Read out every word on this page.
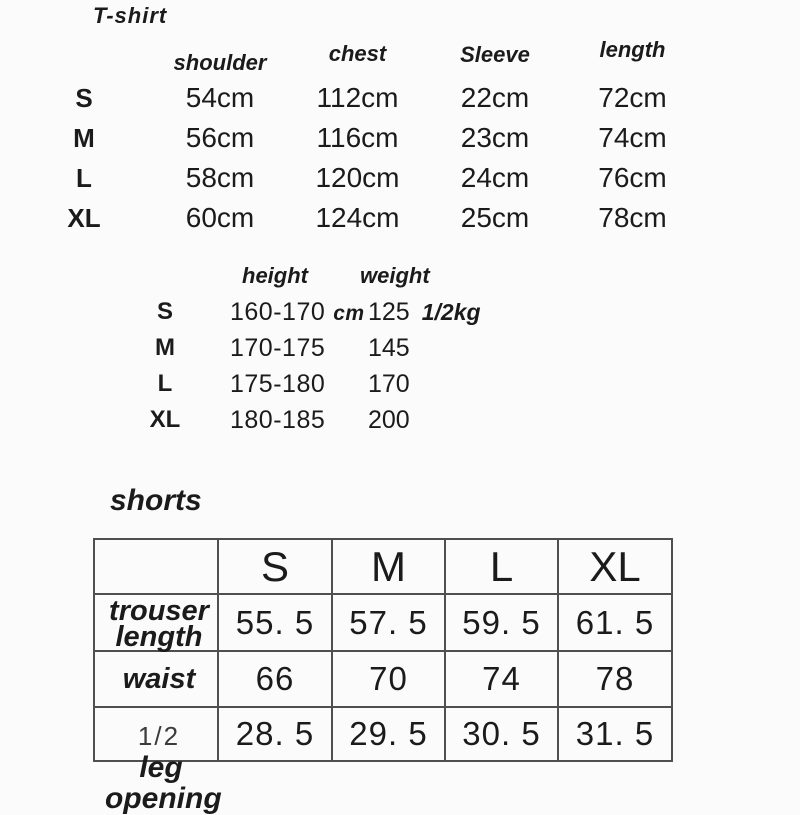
T-shirt
shoulder	chest	Sleeve	length
S	54cm 112cm 22cm 72cm
M	56cm 116cm 23cm 74cm
L	58cm 120cm 24cm 76cm
XL	60cm 124cm 25cm 78cm
height weight
S 160-170 cm 125 1/2kg
M 170-175 145
L 175-180 170
XL 180-185 200
shorts
	S	M	L	XL

trouser length	55. 5	57. 5	59. 5	61. 5
waist	66	70	74	78

1/2leg opening	28. 5	29. 5	30. 5	31. 5
